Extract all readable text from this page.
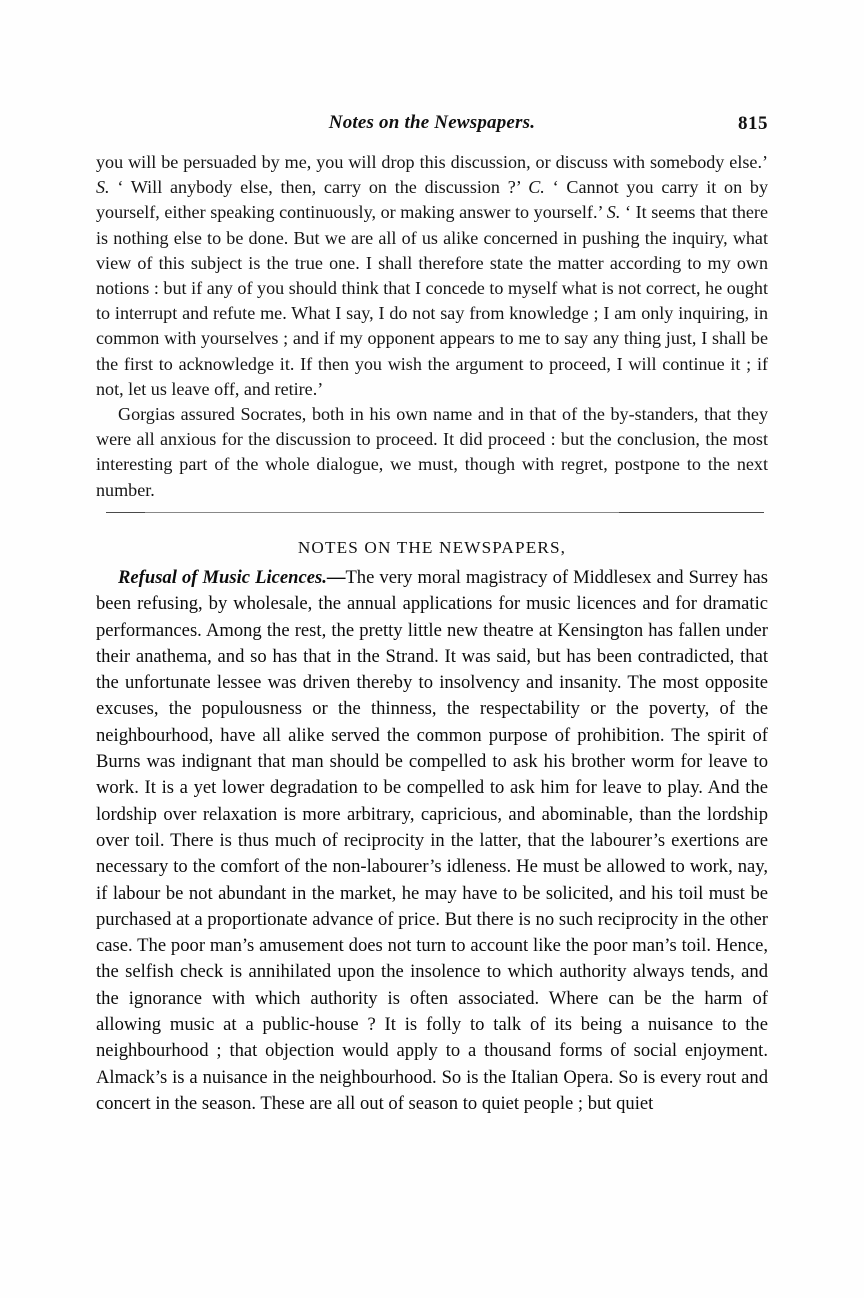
Notes on the Newspapers.	815

you will be persuaded by me, you will drop this discussion, or discuss with somebody else.’ S. ‘ Will anybody else, then, carry on the discussion ?’ C. ‘ Cannot you carry it on by yourself, either speaking continuously, or making answer to yourself.’ S. ‘ It seems that there is nothing else to be done. But we are all of us alike concerned in pushing the inquiry, what view of this subject is the true one. I shall therefore state the matter according to my own notions : but if any of you should think that I concede to myself what is not correct, he ought to interrupt and refute me. What I say, I do not say from knowledge ; I am only inquiring, in common with yourselves ; and if my opponent appears to me to say any thing just, I shall be the first to acknowledge it. If then you wish the argument to proceed, I will continue it ; if not, let us leave off, and retire.’

Gorgias assured Socrates, both in his own name and in that of the by-standers, that they were all anxious for the discussion to proceed. It did proceed : but the conclusion, the most interesting part of the whole dialogue, we must, though with regret, postpone to the next number.

NOTES ON THE NEWSPAPERS,

Refusal of Music Licences.—The very moral magistracy of Middlesex and Surrey has been refusing, by wholesale, the annual applications for music licences and for dramatic performances. Among the rest, the pretty little new theatre at Kensington has fallen under their anathema, and so has that in the Strand. It was said, but has been contradicted, that the unfortunate lessee was driven thereby to insolvency and insanity. The most opposite excuses, the populousness or the thinness, the respectability or the poverty, of the neighbourhood, have all alike served the common purpose of prohibition. The spirit of Burns was indignant that man should be compelled to ask his brother worm for leave to work. It is a yet lower degradation to be compelled to ask him for leave to play. And the lordship over relaxation is more arbitrary, capricious, and abominable, than the lordship over toil. There is thus much of reciprocity in the latter, that the labourer’s exertions are necessary to the comfort of the non-labourer’s idleness. He must be allowed to work, nay, if labour be not abundant in the market, he may have to be solicited, and his toil must be purchased at a proportionate advance of price. But there is no such reciprocity in the other case. The poor man’s amusement does not turn to account like the poor man’s toil. Hence, the selfish check is annihilated upon the insolence to which authority always tends, and the ignorance with which authority is often associated. Where can be the harm of allowing music at a public-house ? It is folly to talk of its being a nuisance to the neighbourhood ; that objection would apply to a thousand forms of social enjoyment. Almack’s is a nuisance in the neighbourhood. So is the Italian Opera. So is every rout and concert in the season. These are all out of season to quiet people ; but quiet
